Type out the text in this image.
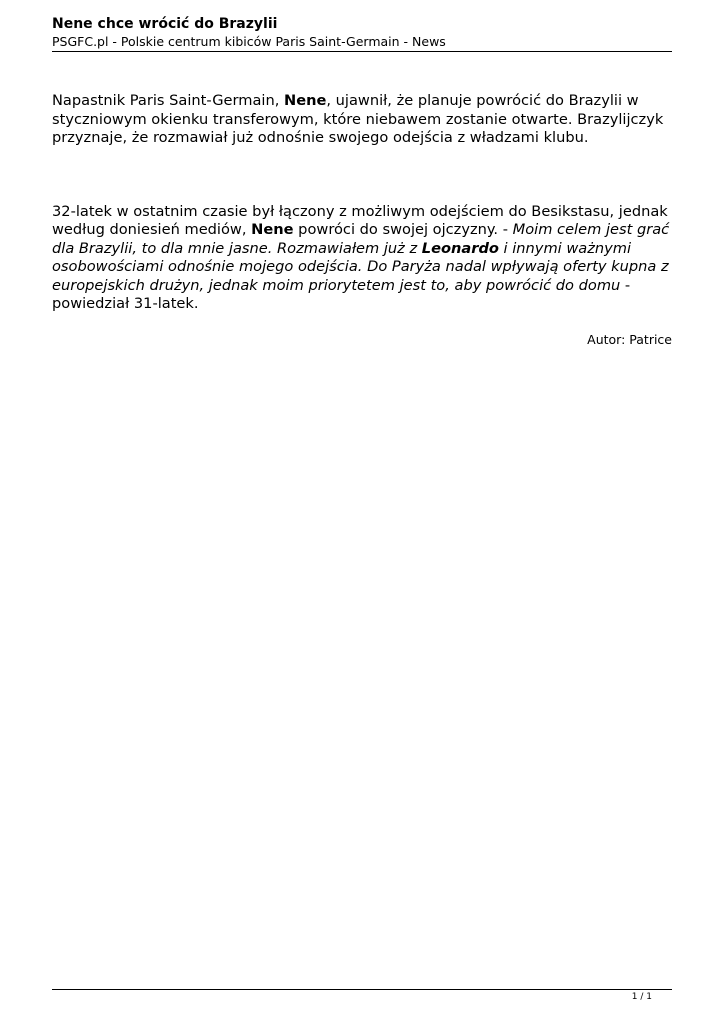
Nene chce wrócić do Brazylii

PSGFC.pl - Polskie centrum kibiców Paris Saint-Germain - News

Napastnik Paris Saint-Germain, Nene, ujawnił, że planuje powrócić do Brazylii w styczniowym okienku transferowym, które niebawem zostanie otwarte. Brazylijczyk przyznaje, że rozmawiał już odnośnie swojego odejścia z władzami klubu.

32-latek w ostatnim czasie był łączony z możliwym odejściem do Besikstasu, jednak według doniesień mediów, Nene powróci do swojej ojczyzny. - Moim celem jest grać dla Brazylii, to dla mnie jasne. Rozmawiałem już z Leonardo i innymi ważnymi osobowościami odnośnie mojego odejścia. Do Paryża nadal wpływają oferty kupna z europejskich drużyn, jednak moim priorytetem jest to, aby powrócić do domu - powiedział 31-latek.

Autor: Patrice

1 / 1
